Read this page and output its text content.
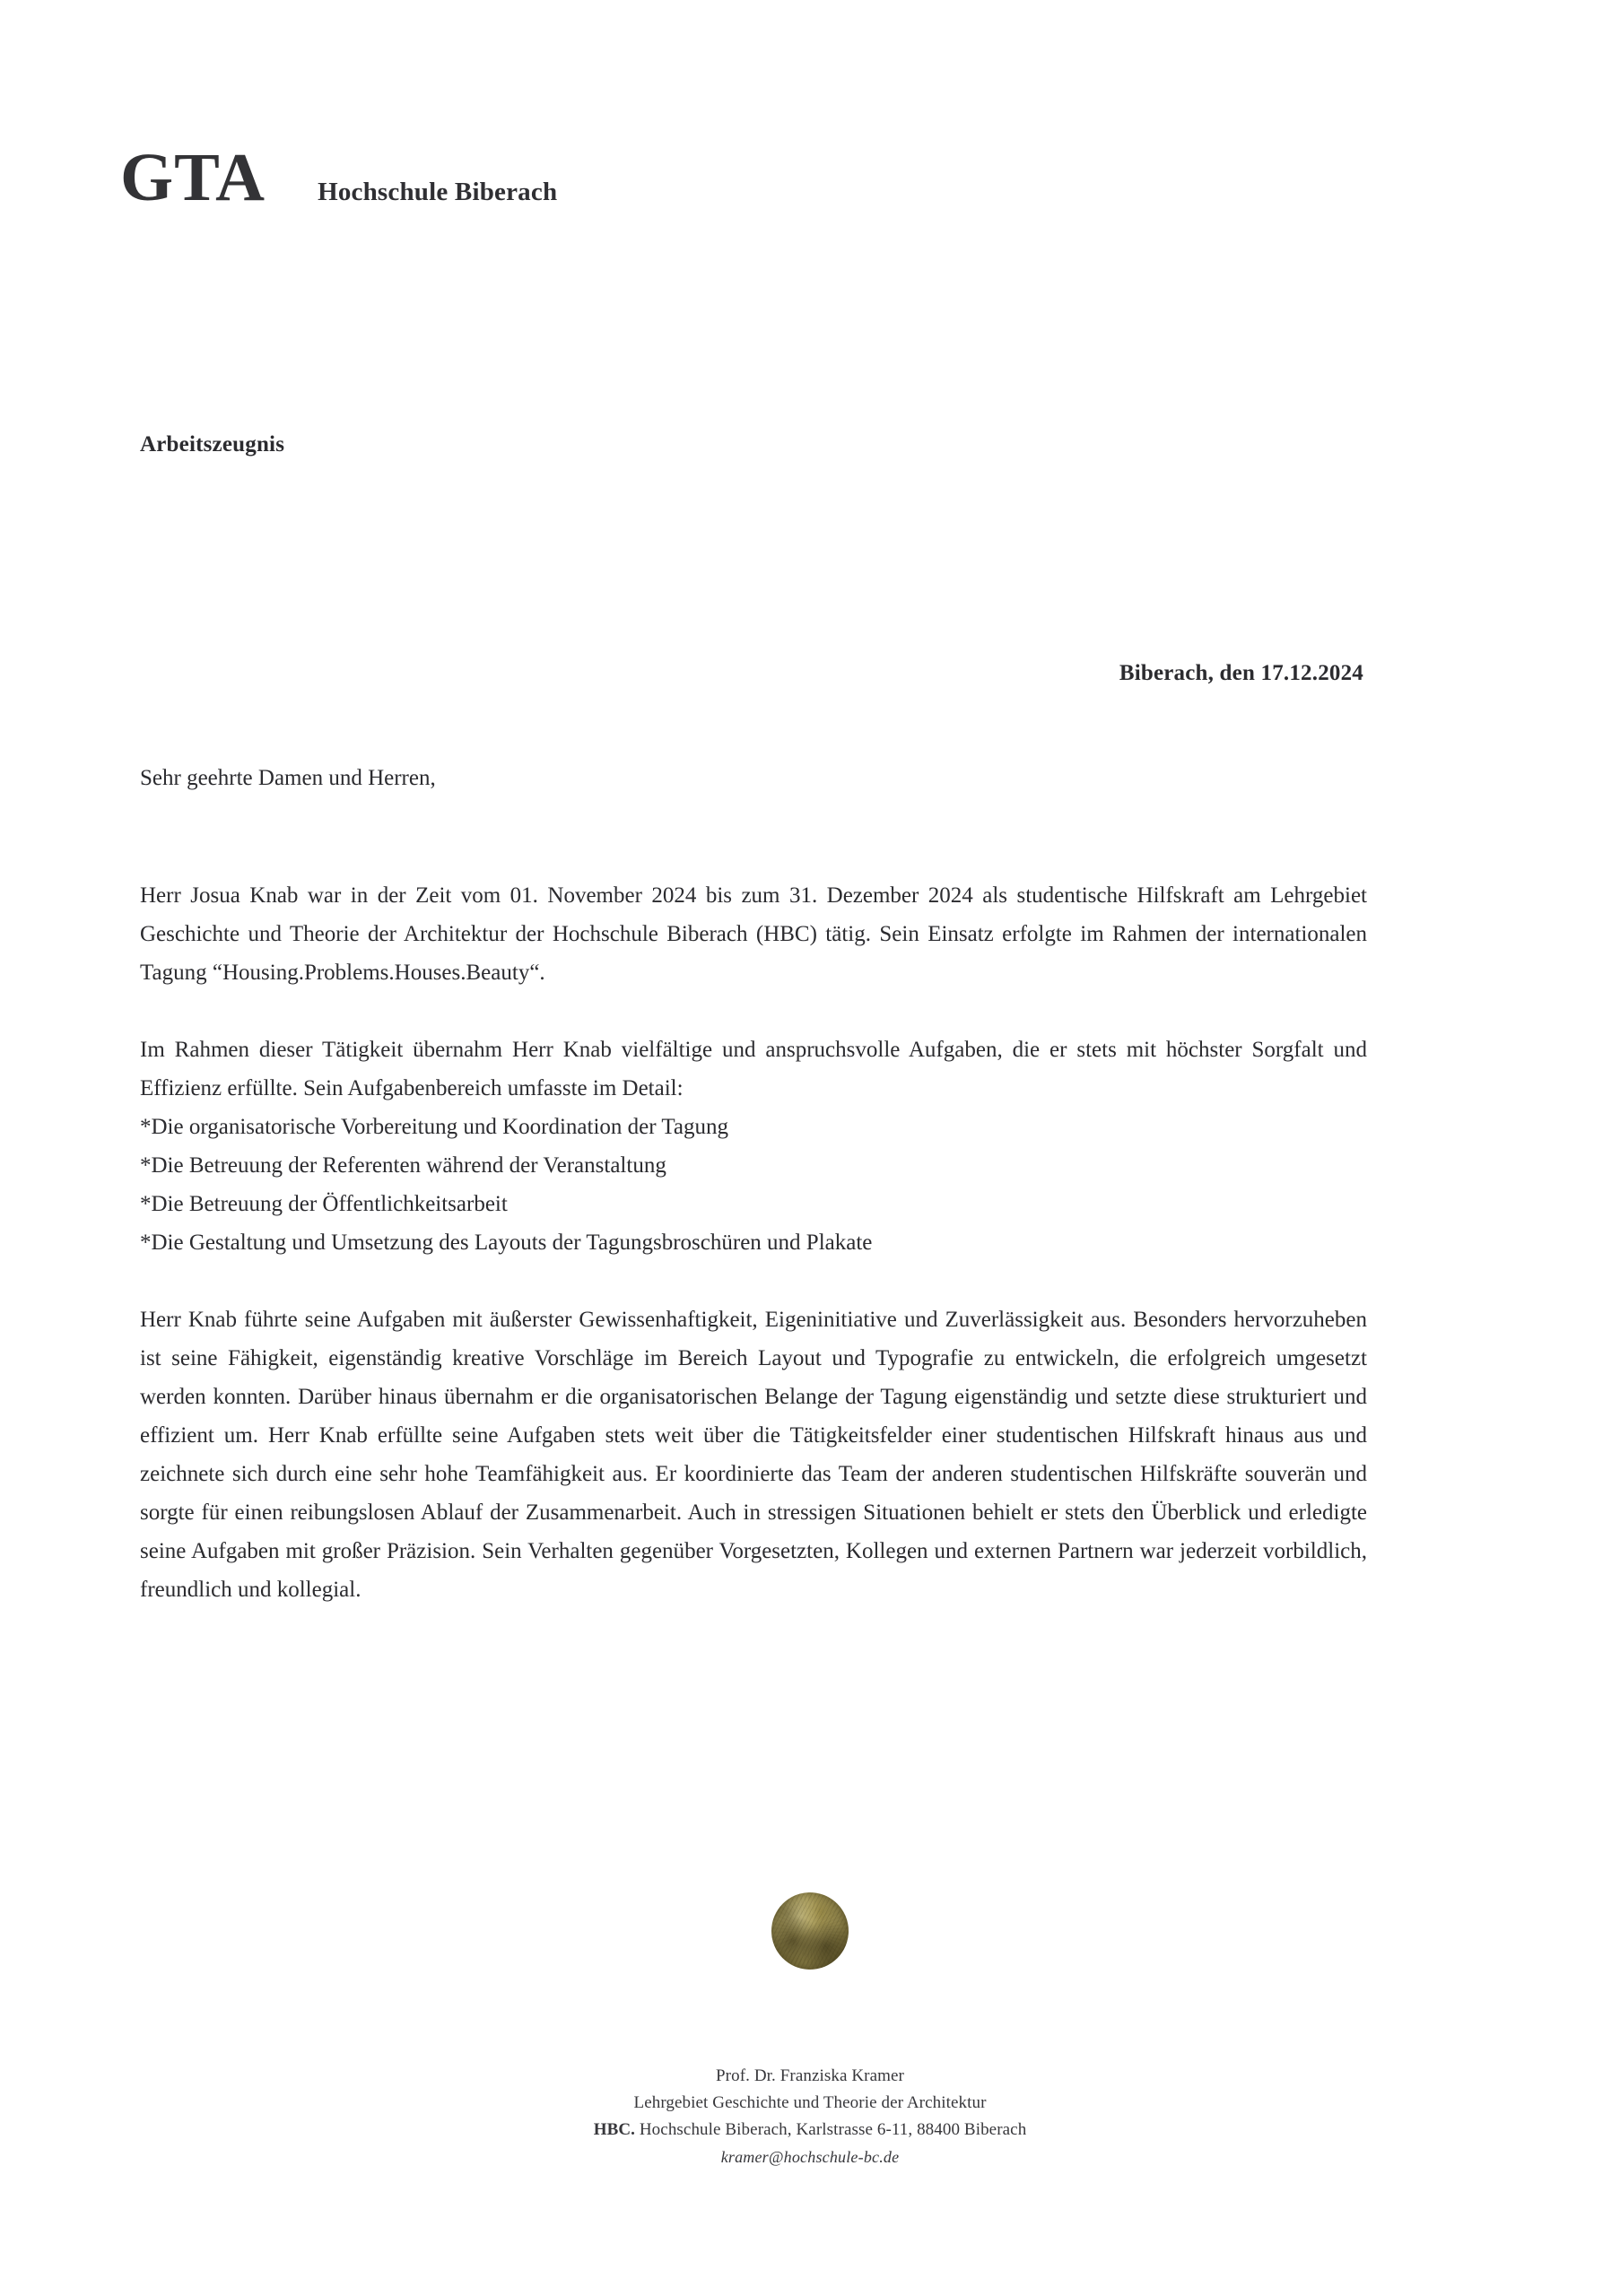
GTA Hochschule Biberach
Arbeitszeugnis
Biberach, den 17.12.2024

Sehr geehrte Damen und Herren,

Herr Josua Knab war in der Zeit vom 01. November 2024 bis zum 31. Dezember 2024 als studentische Hilfskraft am Lehrgebiet Geschichte und Theorie der Architektur der Hochschule Biberach (HBC) tätig. Sein Einsatz erfolgte im Rahmen der internationalen Tagung “Housing.Problems.Houses.Beauty“.

Im Rahmen dieser Tätigkeit übernahm Herr Knab vielfältige und anspruchsvolle Aufgaben, die er stets mit höchster Sorgfalt und Effizienz erfüllte. Sein Aufgabenbereich umfasste im Detail:

*Die organisatorische Vorbereitung und Koordination der Tagung
*Die Betreuung der Referenten während der Veranstaltung
*Die Betreuung der Öffentlichkeitsarbeit
*Die Gestaltung und Umsetzung des Layouts der Tagungsbroschüren und Plakate

Herr Knab führte seine Aufgaben mit äußerster Gewissenhaftigkeit, Eigeninitiative und Zuverlässigkeit aus. Besonders hervorzuheben ist seine Fähigkeit, eigenständig kreative Vorschläge im Bereich Layout und Typografie zu entwickeln, die erfolgreich umgesetzt werden konnten. Darüber hinaus übernahm er die organisatorischen Belange der Tagung eigenständig und setzte diese strukturiert und effizient um. Herr Knab erfüllte seine Aufgaben stets weit über die Tätigkeitsfelder einer studentischen Hilfskraft hinaus aus und zeichnete sich durch eine sehr hohe Teamfähigkeit aus. Er koordinierte das Team der anderen studentischen Hilfskräfte souverän und sorgte für einen reibungslosen Ablauf der Zusammenarbeit. Auch in stressigen Situationen behielt er stets den Überblick und erledigte seine Aufgaben mit großer Präzision. Sein Verhalten gegenüber Vorgesetzten, Kollegen und externen Partnern war jederzeit vorbildlich, freundlich und kollegial.

Prof. Dr. Franziska Kramer
Lehrgebiet Geschichte und Theorie der Architektur
HBC. Hochschule Biberach, Karlstrasse 6-11, 88400 Biberach
kramer@hochschule-bc.de
